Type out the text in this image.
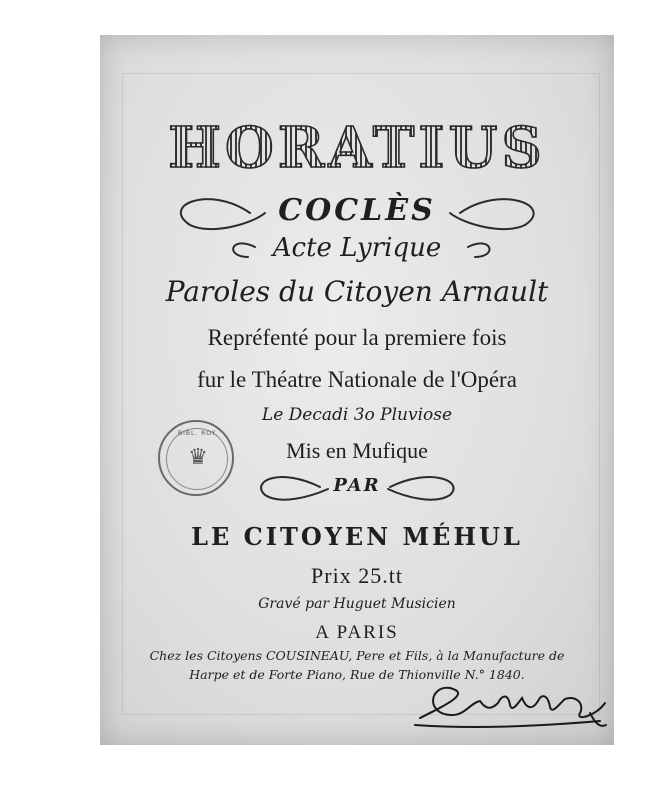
HORATIUS
COCLÈS
Acte Lyrique
Paroles du Citoyen Arnault
Repréfenté pour la premiere fois
fur le Théatre Nationale de l'Opéra
Le Decadi 3o Pluviose
Mis en Mufique
PAR
LE CITOYEN MÉHUL
Prix 25.tt
Gravé par Huguet Musicien
A PARIS
Chez les Citoyens COUSINEAU, Pere et Fils, à la Manufacture de
Harpe et de Forte Piano, Rue de Thionville N.° 1840.
BIBL. ROY.
♛
